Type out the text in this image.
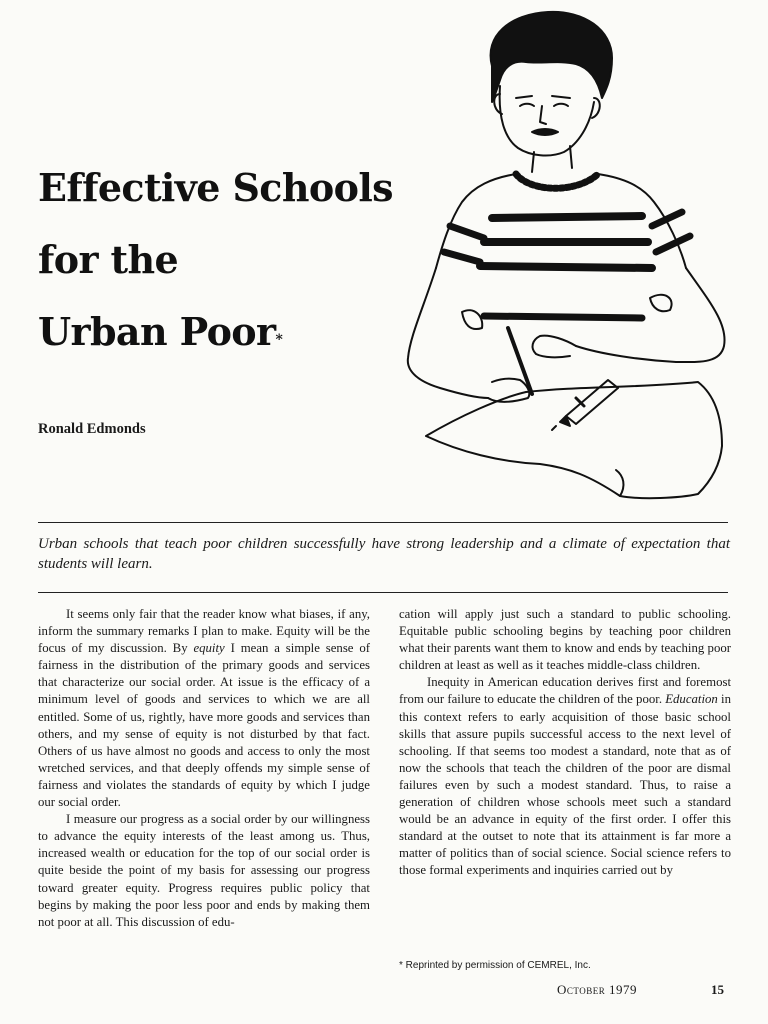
Effective Schools
for the
Urban Poor*
Ronald Edmonds
Urban schools that teach poor children successfully have strong leadership and a climate of expectation that students will learn.

It seems only fair that the reader know what biases, if any, inform the summary remarks I plan to make. Equity will be the focus of my discussion. By equity I mean a simple sense of fairness in the distribution of the primary goods and services that characterize our social order. At issue is the efficacy of a minimum level of goods and services to which we are all entitled. Some of us, rightly, have more goods and services than others, and my sense of equity is not disturbed by that fact. Others of us have almost no goods and access to only the most wretched services, and that deeply offends my simple sense of fairness and violates the standards of equity by which I judge our social order.

I measure our progress as a social order by our willingness to advance the equity interests of the least among us. Thus, increased wealth or education for the top of our social order is quite beside the point of my basis for assessing our progress toward greater equity. Progress requires public policy that begins by making the poor less poor and ends by making them not poor at all. This discussion of edu-

cation will apply just such a standard to public schooling. Equitable public schooling begins by teaching poor children what their parents want them to know and ends by teaching poor children at least as well as it teaches middle-class children.

Inequity in American education derives first and foremost from our failure to educate the children of the poor. Education in this context refers to early acquisition of those basic school skills that assure pupils successful access to the next level of schooling. If that seems too modest a standard, note that as of now the schools that teach the children of the poor are dismal failures even by such a modest standard. Thus, to raise a generation of children whose schools meet such a standard would be an advance in equity of the first order. I offer this standard at the outset to note that its attainment is far more a matter of politics than of social science. Social science refers to those formal experiments and inquiries carried out by

* Reprinted by permission of CEMREL, Inc.
October 1979	15
